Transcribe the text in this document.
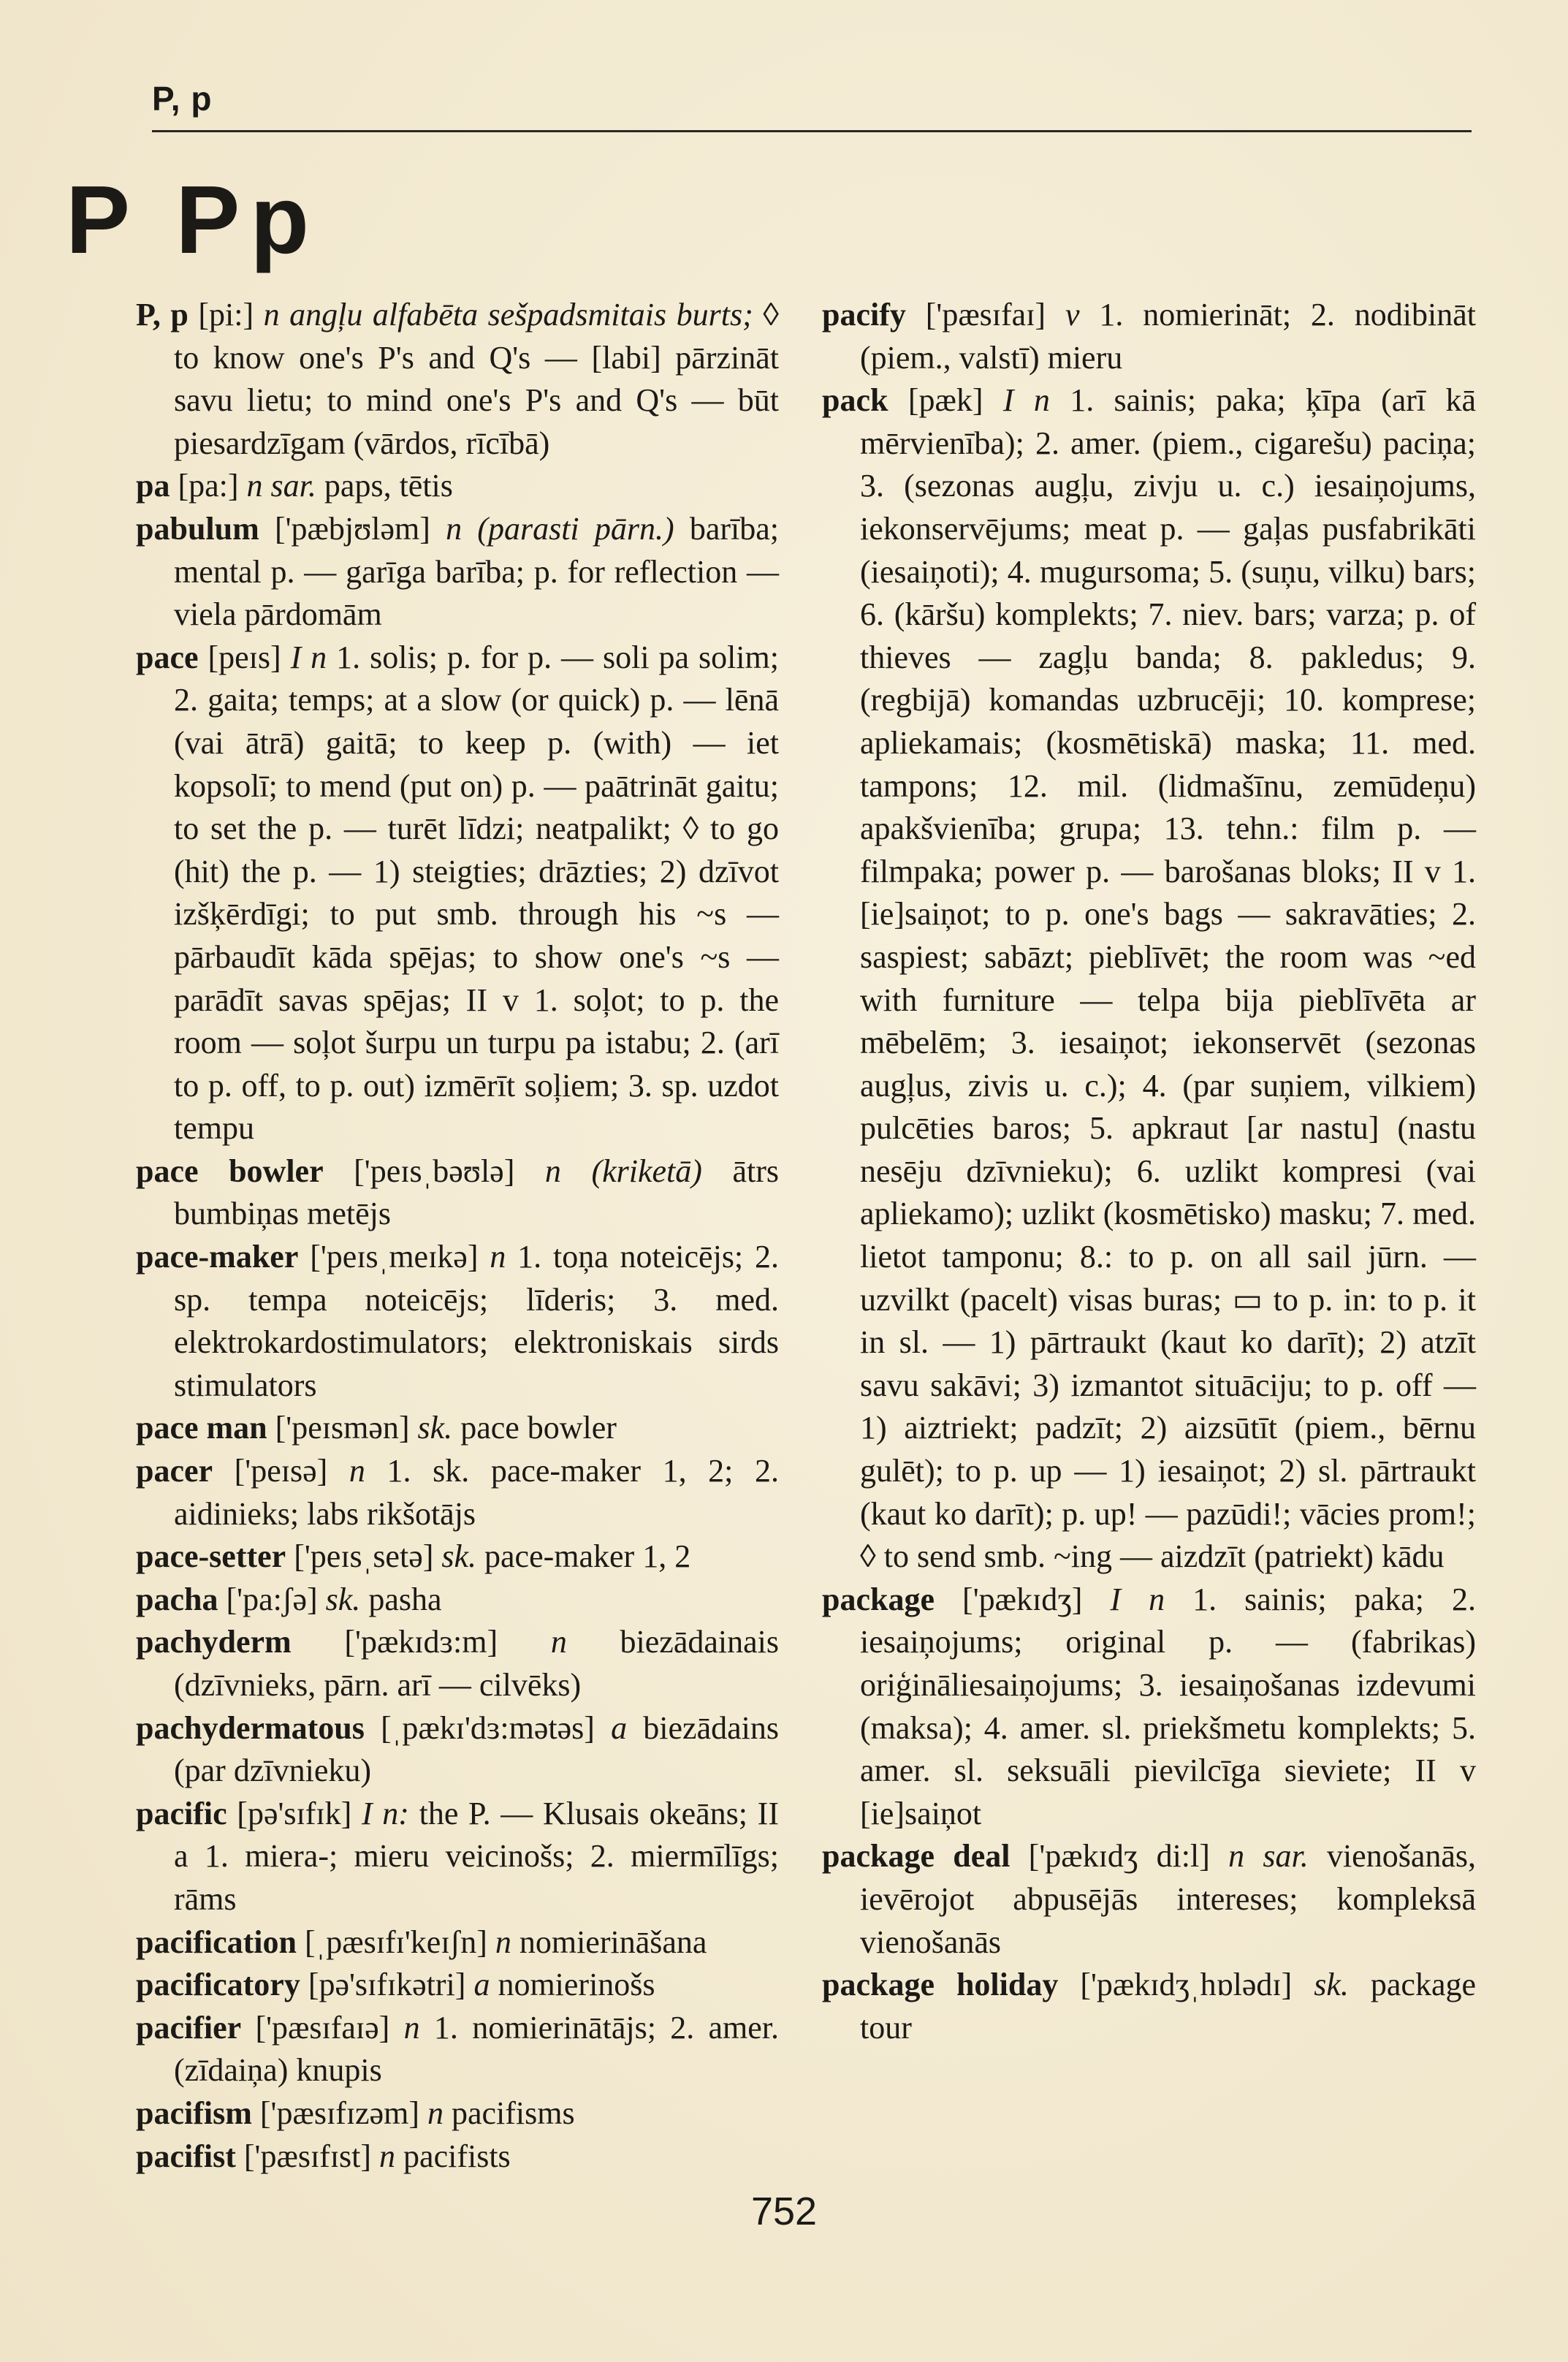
P, p
P Pp

P, p [pi:] n angļu alfabēta sešpadsmitais burts; ◊ to know one's P's and Q's — [labi] pārzināt savu lietu; to mind one's P's and Q's — būt piesardzīgam (vārdos, rīcībā)

pa [pa:] n sar. paps, tētis

pabulum ['pæbjʊləm] n (parasti pārn.) barība; mental p. — garīga barība; p. for reflection — viela pārdomām

pace [peɪs] I n 1. solis; p. for p. — soli pa solim; 2. gaita; temps; at a slow (or quick) p. — lēnā (vai ātrā) gaitā; to keep p. (with) — iet kopsolī; to mend (put on) p. — paātrināt gaitu; to set the p. — turēt līdzi; neatpalikt; ◊ to go (hit) the p. — 1) steigties; drāzties; 2) dzīvot izšķērdīgi; to put smb. through his ~s — pārbaudīt kāda spējas; to show one's ~s — parādīt savas spējas; II v 1. soļot; to p. the room — soļot šurpu un turpu pa istabu; 2. (arī to p. off, to p. out) izmērīt soļiem; 3. sp. uzdot tempu

pace bowler ['peɪsˌbəʊlə] n (kriketā) ātrs bumbiņas metējs

pace-maker ['peɪsˌmeɪkə] n 1. toņa noteicējs; 2. sp. tempa noteicējs; līderis; 3. med. elektrokardostimulators; elektroniskais sirds stimulators

pace man ['peɪsmən] sk. pace bowler

pacer ['peɪsə] n 1. sk. pace-maker 1, 2; 2. aidinieks; labs rikšotājs

pace-setter ['peɪsˌsetə] sk. pace-maker 1, 2

pacha ['pa:ʃə] sk. pasha

pachyderm ['pækɪdɜ:m] n biezādainais (dzīvnieks, pārn. arī — cilvēks)

pachydermatous [ˌpækɪ'dɜ:mətəs] a biezādains (par dzīvnieku)

pacific [pə'sɪfɪk] I n: the P. — Klusais okeāns; II a 1. miera-; mieru veicinošs; 2. miermīlīgs; rāms

pacification [ˌpæsɪfɪ'keɪʃn] n nomierināšana

pacificatory [pə'sɪfɪkətri] a nomierinošs

pacifier ['pæsɪfaɪə] n 1. nomierinātājs; 2. amer. (zīdaiņa) knupis

pacifism ['pæsɪfɪzəm] n pacifisms

pacifist ['pæsɪfɪst] n pacifists

pacify ['pæsɪfaɪ] v 1. nomierināt; 2. nodibināt (piem., valstī) mieru

pack [pæk] I n 1. sainis; paka; ķīpa (arī kā mērvienība); 2. amer. (piem., cigarešu) paciņa; 3. (sezonas augļu, zivju u. c.) iesaiņojums, iekonservējums; meat p. — gaļas pusfabrikāti (iesaiņoti); 4. mugursoma; 5. (suņu, vilku) bars; 6. (kāršu) komplekts; 7. niev. bars; varza; p. of thieves — zagļu banda; 8. pakledus; 9. (regbijā) komandas uzbrucēji; 10. komprese; apliekamais; (kosmētiskā) maska; 11. med. tampons; 12. mil. (lidmašīnu, zemūdeņu) apakšvienība; grupa; 13. tehn.: film p. — filmpaka; power p. — barošanas bloks; II v 1. [ie]saiņot; to p. one's bags — sakravāties; 2. saspiest; sabāzt; pieblīvēt; the room was ~ed with furniture — telpa bija pieblīvēta ar mēbelēm; 3. iesaiņot; iekonservēt (sezonas augļus, zivis u. c.); 4. (par suņiem, vilkiem) pulcēties baros; 5. apkraut [ar nastu] (nastu nesēju dzīvnieku); 6. uzlikt kompresi (vai apliekamo); uzlikt (kosmētisko) masku; 7. med. lietot tamponu; 8.: to p. on all sail jūrn. — uzvilkt (pacelt) visas buras; ▭ to p. in: to p. it in sl. — 1) pārtraukt (kaut ko darīt); 2) atzīt savu sakāvi; 3) izmantot situāciju; to p. off — 1) aiztriekt; padzīt; 2) aizsūtīt (piem., bērnu gulēt); to p. up — 1) iesaiņot; 2) sl. pārtraukt (kaut ko darīt); p. up! — pazūdi!; vācies prom!; ◊ to send smb. ~ing — aizdzīt (patriekt) kādu

package ['pækɪdʒ] I n 1. sainis; paka; 2. iesaiņojums; original p. — (fabrikas) oriģināliesaiņojums; 3. iesaiņošanas izdevumi (maksa); 4. amer. sl. priekšmetu komplekts; 5. amer. sl. seksuāli pievilcīga sieviete; II v [ie]saiņot

package deal ['pækɪdʒ di:l] n sar. vienošanās, ievērojot abpusējās intereses; kompleksā vienošanās

package holiday ['pækɪdʒˌhɒlədɪ] sk. package tour

752
